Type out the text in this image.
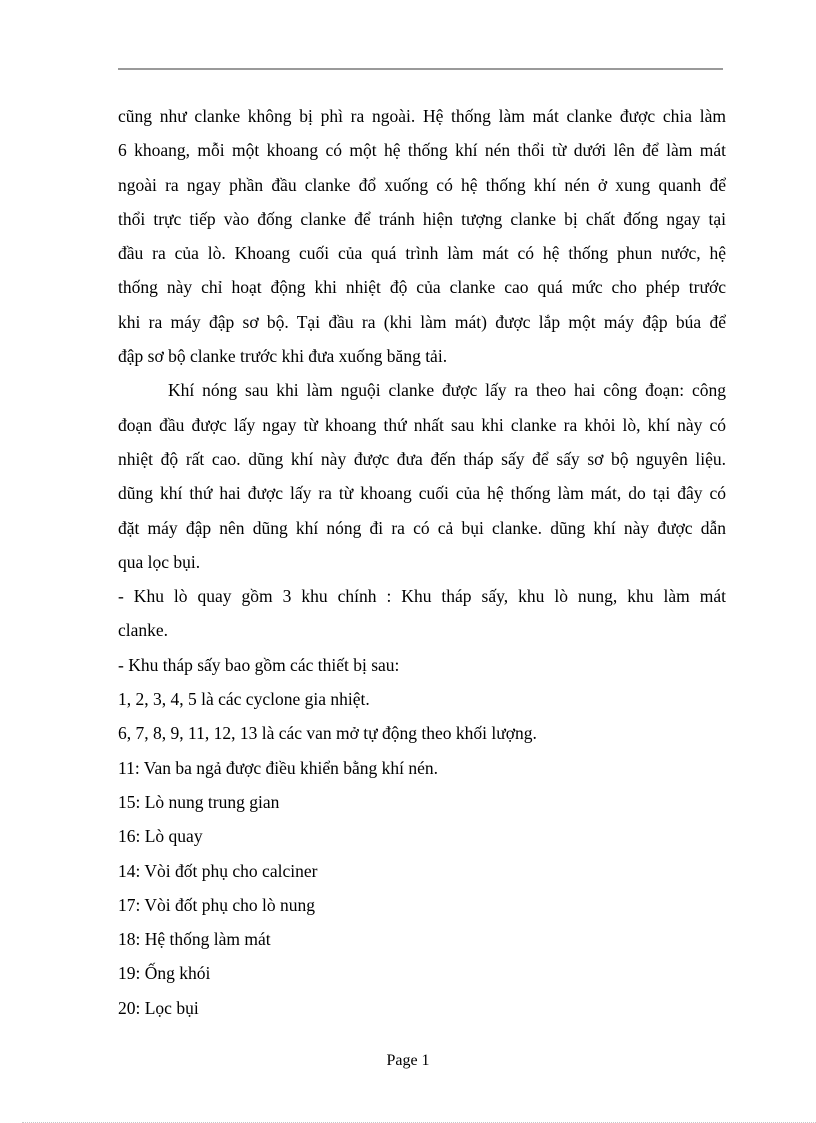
cũng như clanke không bị phì ra ngoài. Hệ thống làm mát clanke được chia làm
6 khoang, mỗi một khoang có một hệ thống khí nén thổi từ dưới lên để làm mát
ngoài ra ngay phần đầu clanke đổ xuống có hệ thống khí nén ở xung quanh để
thổi trực tiếp vào đống clanke để tránh hiện tượng clanke bị chất đống ngay tại
đầu ra của lò. Khoang cuối của quá trình làm mát có hệ thống phun nước, hệ
thống này chỉ hoạt động khi nhiệt độ của clanke cao quá mức cho phép trước
khi ra máy đập sơ bộ. Tại đầu ra (khi làm mát) được lắp một máy đập búa để
đập sơ bộ clanke trước khi đưa xuống băng tải.
Khí nóng sau khi làm nguội clanke được lấy ra theo hai công đoạn: công
đoạn đầu được lấy ngay từ khoang thứ nhất sau khi clanke ra khỏi lò, khí này có
nhiệt độ rất cao. dũng khí này được đưa đến tháp sấy để sấy sơ bộ nguyên liệu.
dũng khí thứ hai được lấy ra từ khoang cuối của hệ thống làm mát, do tại đây có
đặt máy đập nên dũng khí nóng đi ra có cả bụi clanke. dũng khí này được dẫn
qua lọc bụi.
- Khu lò quay gồm 3 khu chính : Khu tháp sấy, khu lò nung, khu làm mát
clanke.
- Khu tháp sấy bao gồm các thiết bị sau:
1, 2, 3, 4, 5 là các cyclone gia nhiệt.
6, 7, 8, 9, 11, 12, 13 là các van mở tự động theo khối lượng.
11: Van ba ngả được điều khiển bằng khí nén.
15: Lò nung trung gian
16: Lò quay
14: Vòi đốt phụ cho calciner
17: Vòi đốt phụ cho lò nung
18: Hệ thống làm mát
19: Ống khói
20: Lọc bụi
Page 1
